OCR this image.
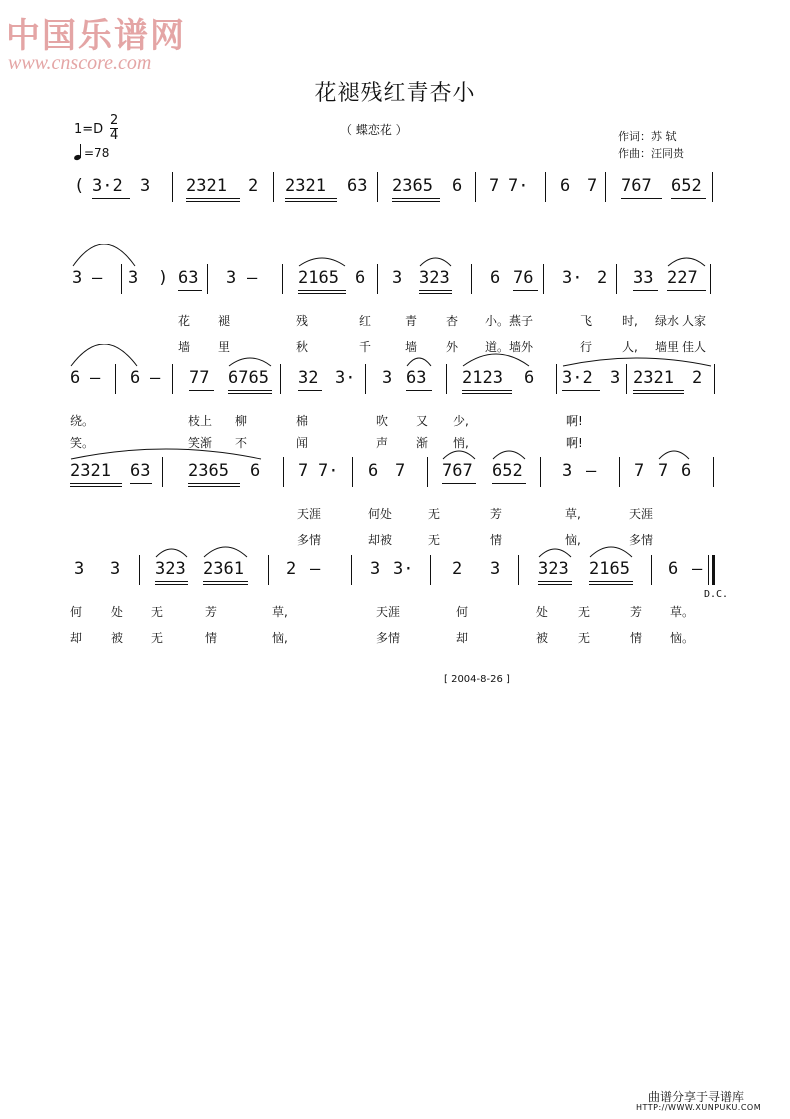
中国乐谱网
www.cnscore.com
花褪残红青杏小
（ 蝶恋花 ）
$1=D \frac{2}{4}$
=78
作词：苏 轼
作曲：汪同贵
( 3·2 3 2321 2 2321 63 2365 6 7 7· 6 7 767 652
3 – 3 ) 63 3 – 2165 6 3 323 6 76 3· 2 33 227
花 褪	残	红	青 杏 小。燕子	飞 时, 绿水 人家
墙 里	秋	千	墙 外 道。墙外	行 人, 墙里 佳人
6 – 6 – 77 6765 32 3· 3 63 2123 6 3·2 3 2321 2
绕。	枝上 柳	棉	吹 又 少,	啊!
笑。	笑渐 不	闻	声 渐 悄,	啊!
2321 63 2365 6 7 7· 6 7 767 652 3 – 7 7 6
天涯	何处	无	芳	草,	天涯
多情	却被	无	情	恼,	多情
3 3 323 2361 2 –	3 3· 2 3 323 2165 6 –
何 处 无	芳	草,	天涯	何	处 无	芳 草。
却 被 无	情	恼,	多情	却	被 无	情 恼。
D.C.
[ 2004-8-26 ]
曲谱分享于寻谱库
HTTP://WWW.XUNPUKU.COM
